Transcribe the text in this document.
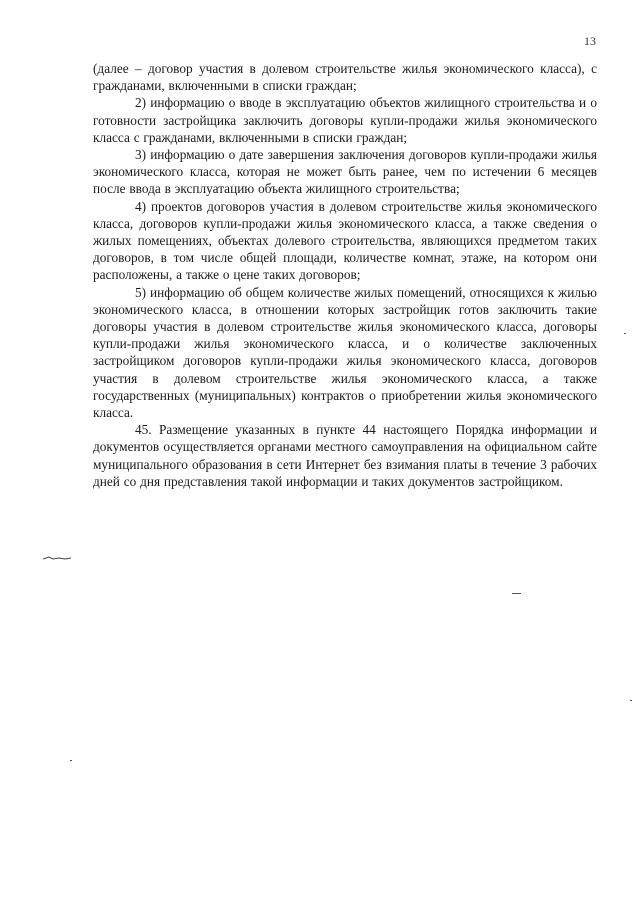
13

(далее – договор участия в долевом строительстве жилья экономического класса), с гражданами, включенными в списки граждан;

2) информацию о вводе в эксплуатацию объектов жилищного строительства и о готовности застройщика заключить договоры купли-продажи жилья экономического класса с гражданами, включенными в списки граждан;

3) информацию о дате завершения заключения договоров купли-продажи жилья экономического класса, которая не может быть ранее, чем по истечении 6 месяцев после ввода в эксплуатацию объекта жилищного строительства;

4) проектов договоров участия в долевом строительстве жилья экономического класса, договоров купли-продажи жилья экономического класса, а также сведения о жилых помещениях, объектах долевого строительства, являющихся предметом таких договоров, в том числе общей площади, количестве комнат, этаже, на котором они расположены, а также о цене таких договоров;

5) информацию об общем количестве жилых помещений, относящихся к жилью экономического класса, в отношении которых застройщик готов заключить такие договоры участия в долевом строительстве жилья экономического класса, договоры купли-продажи жилья экономического класса, и о количестве заключенных застройщиком договоров купли-продажи жилья экономического класса, договоров участия в долевом строительстве жилья экономического класса, а также государственных (муниципальных) контрактов о приобретении жилья экономического класса.

45. Размещение указанных в пункте 44 настоящего Порядка информации и документов осуществляется органами местного самоуправления на официальном сайте муниципального образования в сети Интернет без взимания платы в течение 3 рабочих дней со дня представления такой информации и таких документов застройщиком.
